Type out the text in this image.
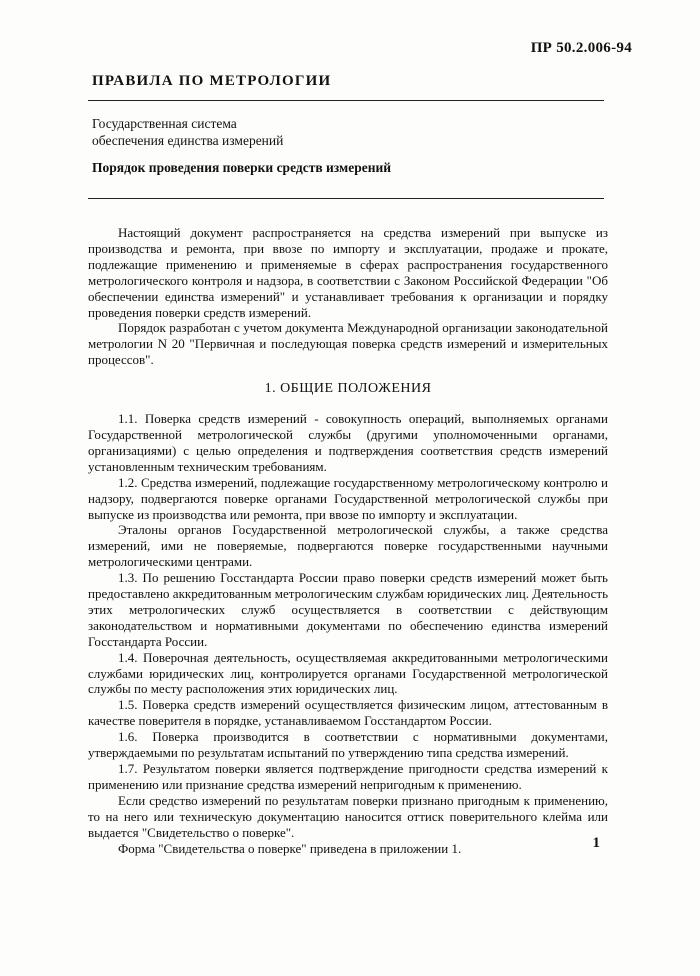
ПР 50.2.006-94
ПРАВИЛА ПО МЕТРОЛОГИИ
Государственная система
обеспечения единства измерений
Порядок проведения поверки средств измерений

Настоящий документ распространяется на средства измерений при выпуске из производства и ремонта, при ввозе по импорту и эксплуатации, продаже и прокате, подлежащие применению и применяемые в сферах распространения государственного метрологического контроля и надзора, в соответствии с Законом Российской Федерации "Об обеспечении единства измерений" и устанавливает требования к организации и порядку проведения поверки средств измерений.

Порядок разработан с учетом документа Международной организации законодательной метрологии N 20 "Первичная и последующая поверка средств измерений и измерительных процессов".

1. ОБЩИЕ ПОЛОЖЕНИЯ

1.1. Поверка средств измерений - совокупность операций, выполняемых органами Государственной метрологической службы (другими уполномоченными органами, организациями) с целью определения и подтверждения соответствия средств измерений установленным техническим требованиям.

1.2. Средства измерений, подлежащие государственному метрологическому контролю и надзору, подвергаются поверке органами Государственной метрологической службы при выпуске из производства или ремонта, при ввозе по импорту и эксплуатации.

Эталоны органов Государственной метрологической службы, а также средства измерений, ими не поверяемые, подвергаются поверке государственными научными метрологическими центрами.

1.3. По решению Госстандарта России право поверки средств измерений может быть предоставлено аккредитованным метрологическим службам юридических лиц. Деятельность этих метрологических служб осуществляется в соответствии с действующим законодательством и нормативными документами по обеспечению единства измерений Госстандарта России.

1.4. Поверочная деятельность, осуществляемая аккредитованными метрологическими службами юридических лиц, контролируется органами Государственной метрологической службы по месту расположения этих юридических лиц.

1.5. Поверка средств измерений осуществляется физическим лицом, аттестованным в качестве поверителя в порядке, устанавливаемом Госстандартом России.

1.6. Поверка производится в соответствии с нормативными документами, утверждаемыми по результатам испытаний по утверждению типа средства измерений.

1.7. Результатом поверки является подтверждение пригодности средства измерений к применению или признание средства измерений непригодным к применению.

Если средство измерений по результатам поверки признано пригодным к применению, то на него или техническую документацию наносится оттиск поверительного клейма или выдается "Свидетельство о поверке".

Форма "Свидетельства о поверке" приведена в приложении 1.	1
